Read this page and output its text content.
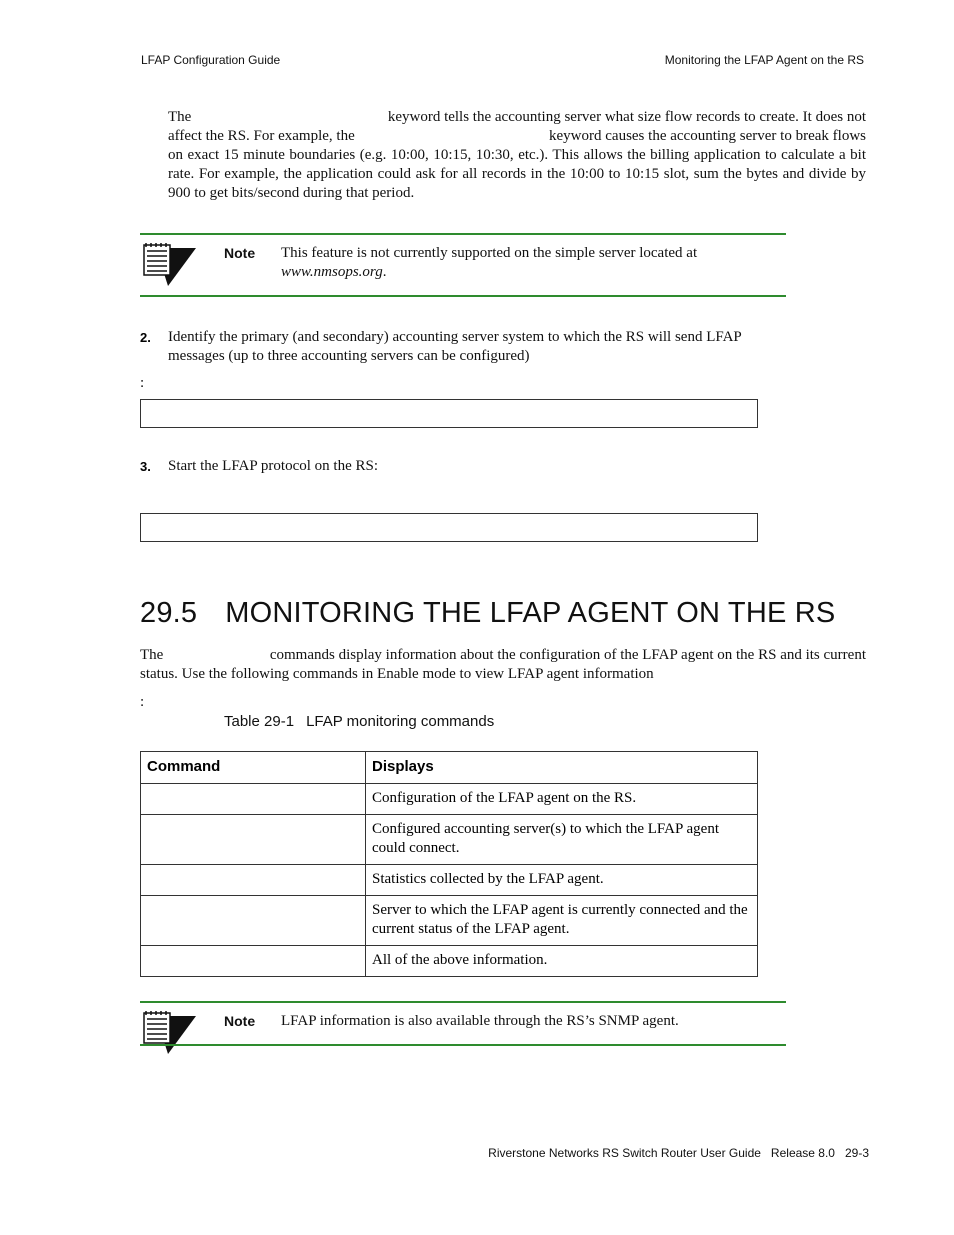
LFAP Configuration Guide	Monitoring the LFAP Agent on the RS
The	keyword tells the accounting server what size flow records to create. It does not
affect the RS. For example, the	keyword causes the accounting server to break flows
on exact 15 minute boundaries (e.g. 10:00, 10:15, 10:30, etc.). This allows the billing application to calculate a bit
rate. For example, the application could ask for all records in the 10:00 to 10:15 slot, sum the bytes and divide by
900 to get bits/second during that period.
Note This feature is not currently supported on the simple server located at
www.nmsops.org.
2. Identify the primary (and secondary) accounting server system to which the RS will send LFAP
messages (up to three accounting servers can be configured)
:
3. Start the LFAP protocol on the RS:
29.5 MONITORING THE LFAP AGENT ON THE RS
The	commands display information about the configuration of the LFAP agent on the RS and its current
status. Use the following commands in Enable mode to view LFAP agent information
:
Table 29-1 LFAP monitoring commands
Command	Displays
	Configuration of the LFAP agent on the RS.
	Configured accounting server(s) to which the LFAP agent could connect.
	Statistics collected by the LFAP agent.
	Server to which the LFAP agent is currently connected and the current status of the LFAP agent.
	All of the above information.
Note LFAP information is also available through the RS’s SNMP agent.
Riverstone Networks RS Switch Router User Guide   Release 8.0   29-3
